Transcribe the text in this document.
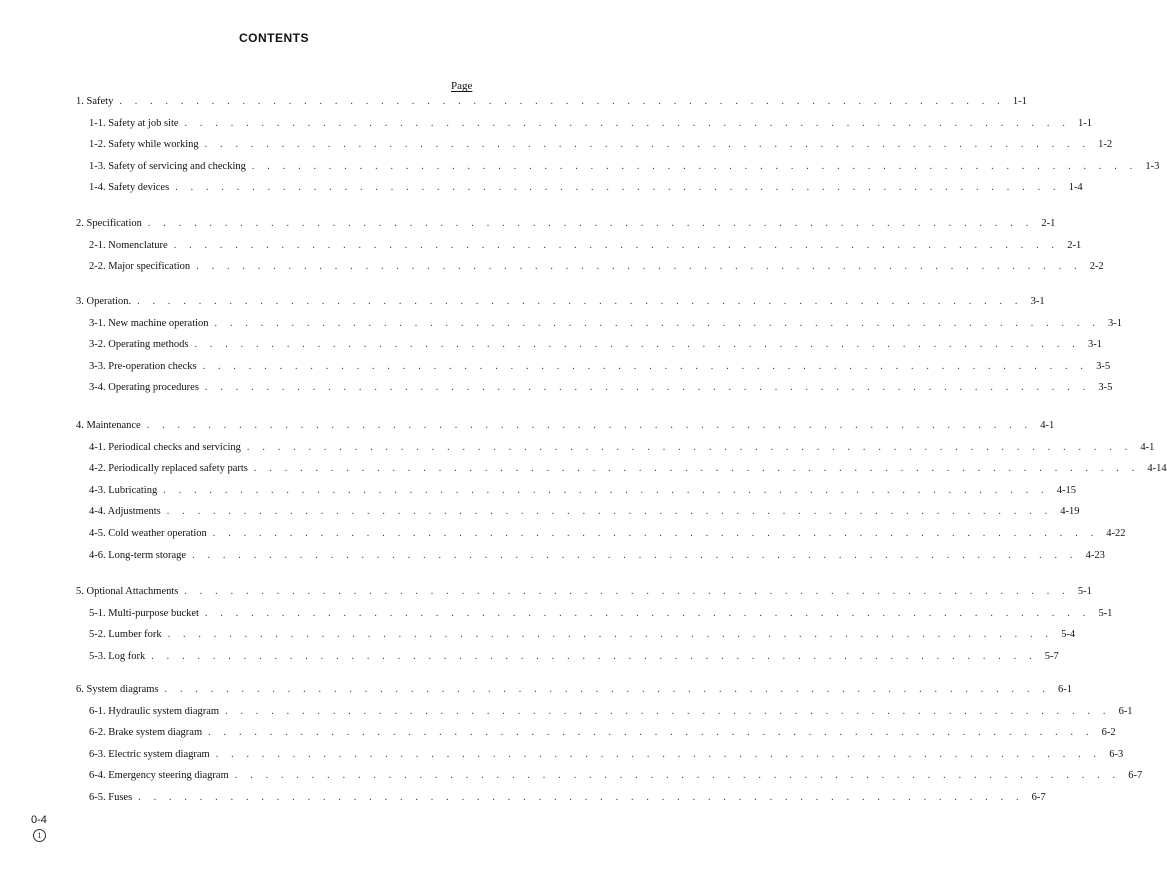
CONTENTS
Page
1. Safety . . . . . . . . . . . . . . . . . . . . . . . . . . . . . . . . . . . . . . . . . . . . . . . . . . . . . . . . . . 1-1
1-1. Safety at job site . . . . . . . . . . . . . . . . . . . . . . . . . . . . . . . . . . . . . . . . . . . . . . . . . . . . . . . . . . 1-1
1-2. Safety while working . . . . . . . . . . . . . . . . . . . . . . . . . . . . . . . . . . . . . . . . . . . . . . . . . . . . . . . . . . 1-2
1-3. Safety of servicing and checking . . . . . . . . . . . . . . . . . . . . . . . . . . . . . . . . . . . . . . . . . . . . . . . . . . . . . . . . . . 1-3
1-4. Safety devices . . . . . . . . . . . . . . . . . . . . . . . . . . . . . . . . . . . . . . . . . . . . . . . . . . . . . . . . . . 1-4
2. Specification . . . . . . . . . . . . . . . . . . . . . . . . . . . . . . . . . . . . . . . . . . . . . . . . . . . . . . . . . . 2-1
2-1. Nomenclature . . . . . . . . . . . . . . . . . . . . . . . . . . . . . . . . . . . . . . . . . . . . . . . . . . . . . . . . . . 2-1
2-2. Major specification . . . . . . . . . . . . . . . . . . . . . . . . . . . . . . . . . . . . . . . . . . . . . . . . . . . . . . . . . . 2-2
3. Operation. . . . . . . . . . . . . . . . . . . . . . . . . . . . . . . . . . . . . . . . . . . . . . . . . . . . . . . . . . . 3-1
3-1. New machine operation . . . . . . . . . . . . . . . . . . . . . . . . . . . . . . . . . . . . . . . . . . . . . . . . . . . . . . . . . . 3-1
3-2. Operating methods . . . . . . . . . . . . . . . . . . . . . . . . . . . . . . . . . . . . . . . . . . . . . . . . . . . . . . . . . . 3-1
3-3. Pre-operation checks . . . . . . . . . . . . . . . . . . . . . . . . . . . . . . . . . . . . . . . . . . . . . . . . . . . . . . . . . . 3-5
3-4. Operating procedures . . . . . . . . . . . . . . . . . . . . . . . . . . . . . . . . . . . . . . . . . . . . . . . . . . . . . . . . . . 3-5
4. Maintenance . . . . . . . . . . . . . . . . . . . . . . . . . . . . . . . . . . . . . . . . . . . . . . . . . . . . . . . . . . 4-1
4-1. Periodical checks and servicing . . . . . . . . . . . . . . . . . . . . . . . . . . . . . . . . . . . . . . . . . . . . . . . . . . . . . . . . . . 4-1
4-2. Periodically replaced safety parts . . . . . . . . . . . . . . . . . . . . . . . . . . . . . . . . . . . . . . . . . . . . . . . . . . . . . . . . . . 4-14
4-3. Lubricating . . . . . . . . . . . . . . . . . . . . . . . . . . . . . . . . . . . . . . . . . . . . . . . . . . . . . . . . . . 4-15
4-4. Adjustments . . . . . . . . . . . . . . . . . . . . . . . . . . . . . . . . . . . . . . . . . . . . . . . . . . . . . . . . . . 4-19
4-5. Cold weather operation . . . . . . . . . . . . . . . . . . . . . . . . . . . . . . . . . . . . . . . . . . . . . . . . . . . . . . . . . . 4-22
4-6. Long-term storage . . . . . . . . . . . . . . . . . . . . . . . . . . . . . . . . . . . . . . . . . . . . . . . . . . . . . . . . . . 4-23
5. Optional Attachments . . . . . . . . . . . . . . . . . . . . . . . . . . . . . . . . . . . . . . . . . . . . . . . . . . . . . . . . . . 5-1
5-1. Multi-purpose bucket . . . . . . . . . . . . . . . . . . . . . . . . . . . . . . . . . . . . . . . . . . . . . . . . . . . . . . . . . . 5-1
5-2. Lumber fork . . . . . . . . . . . . . . . . . . . . . . . . . . . . . . . . . . . . . . . . . . . . . . . . . . . . . . . . . . 5-4
5-3. Log fork . . . . . . . . . . . . . . . . . . . . . . . . . . . . . . . . . . . . . . . . . . . . . . . . . . . . . . . . . . 5-7
6. System diagrams . . . . . . . . . . . . . . . . . . . . . . . . . . . . . . . . . . . . . . . . . . . . . . . . . . . . . . . . . . 6-1
6-1. Hydraulic system diagram . . . . . . . . . . . . . . . . . . . . . . . . . . . . . . . . . . . . . . . . . . . . . . . . . . . . . . . . . . 6-1
6-2. Brake system diagram . . . . . . . . . . . . . . . . . . . . . . . . . . . . . . . . . . . . . . . . . . . . . . . . . . . . . . . . . . 6-2
6-3. Electric system diagram . . . . . . . . . . . . . . . . . . . . . . . . . . . . . . . . . . . . . . . . . . . . . . . . . . . . . . . . . . 6-3
6-4. Emergency steering diagram . . . . . . . . . . . . . . . . . . . . . . . . . . . . . . . . . . . . . . . . . . . . . . . . . . . . . . . . . . 6-7
6-5. Fuses . . . . . . . . . . . . . . . . . . . . . . . . . . . . . . . . . . . . . . . . . . . . . . . . . . . . . . . . . . 6-7
0-4
1
